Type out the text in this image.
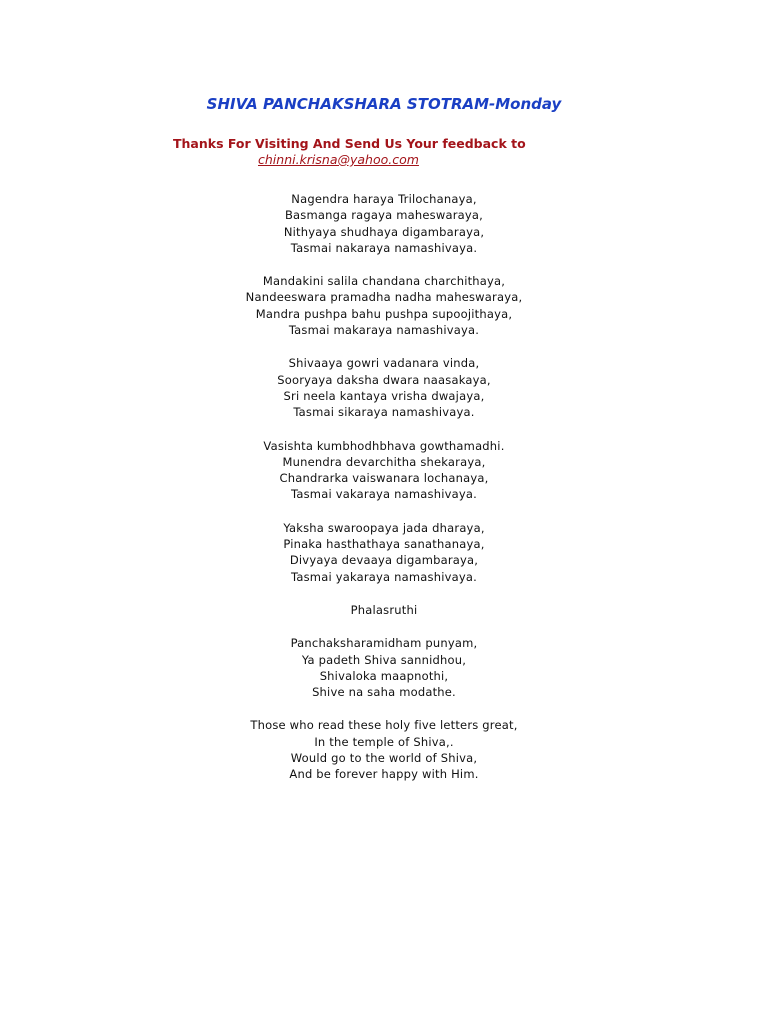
SHIVA PANCHAKSHARA STOTRAM-Monday
Thanks For Visiting And Send Us Your feedback to
chinni.krisna@yahoo.com
Nagendra haraya Trilochanaya,
Basmanga ragaya maheswaraya,
Nithyaya shudhaya digambaraya,
Tasmai nakaraya namashivaya.
Mandakini salila chandana charchithaya,
Nandeeswara pramadha nadha maheswaraya,
Mandra pushpa bahu pushpa supoojithaya,
Tasmai makaraya namashivaya.
Shivaaya gowri vadanara vinda,
Sooryaya daksha dwara naasakaya,
Sri neela kantaya vrisha dwajaya,
Tasmai sikaraya namashivaya.
Vasishta kumbhodhbhava gowthamadhi.
Munendra devarchitha shekaraya,
Chandrarka vaiswanara lochanaya,
Tasmai vakaraya namashivaya.
Yaksha swaroopaya jada dharaya,
Pinaka hasthathaya sanathanaya,
Divyaya devaaya digambaraya,
Tasmai yakaraya namashivaya.
Phalasruthi
Panchaksharamidham punyam,
Ya padeth Shiva sannidhou,
Shivaloka maapnothi,
Shive na saha modathe.
Those who read these holy five letters great,
In the temple of Shiva,.
Would go to the world of Shiva,
And be forever happy with Him.
